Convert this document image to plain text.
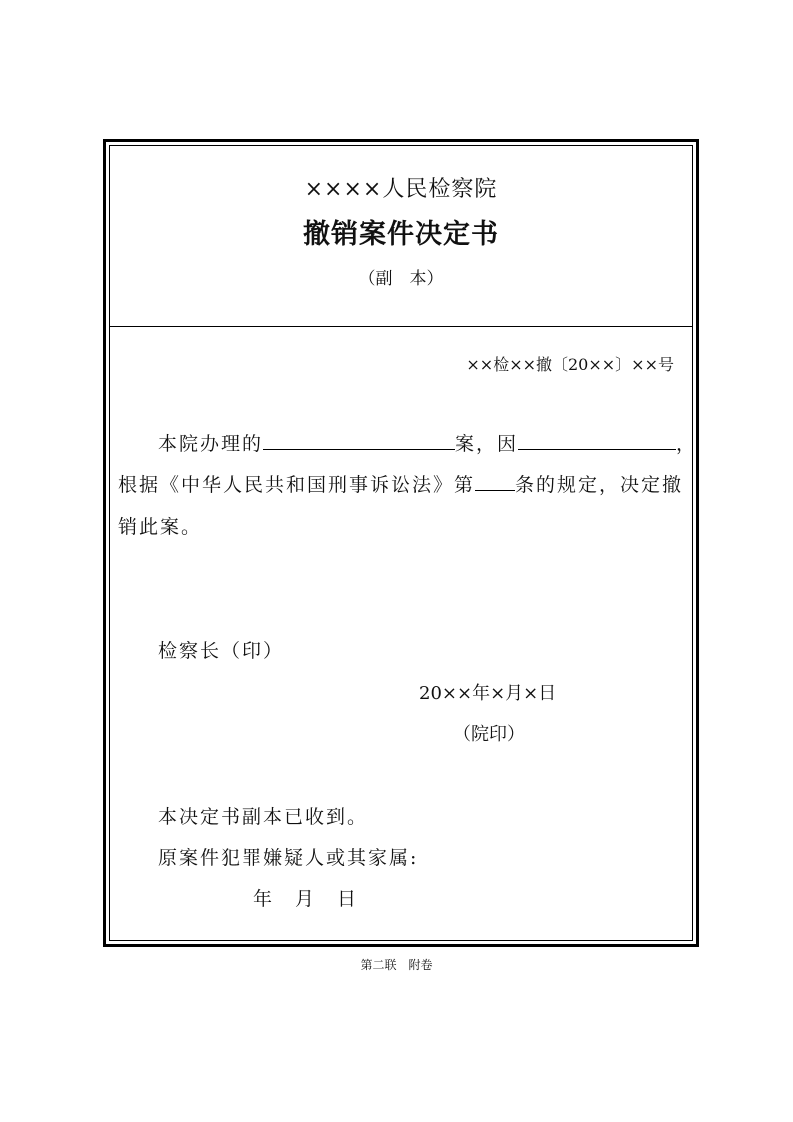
××××人民检察院
撤销案件决定书
（副　本）
××检××撤〔20××〕××号
本院办理的	案，因	，
根据《中华人民共和国刑事诉讼法》第 条的规定，决定撤
销此案。
检察长（印）
20××年×月×日
（院印）
本决定书副本已收到。
原案件犯罪嫌疑人或其家属:
年　月　日
第二联　附卷
